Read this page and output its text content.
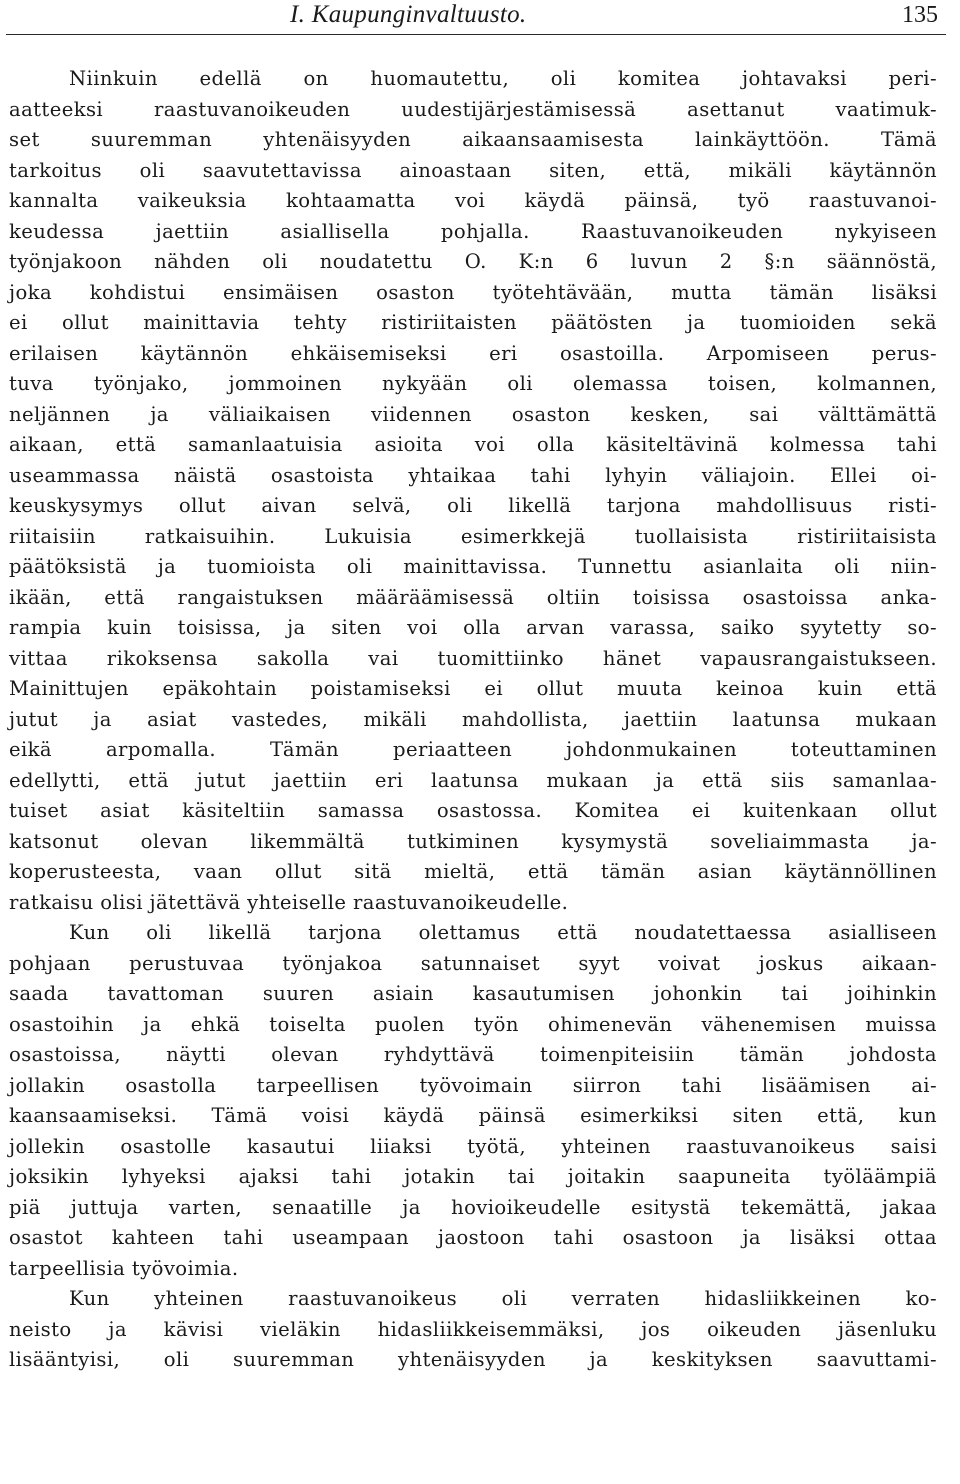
I. Kaupunginvaltuusto.	135
Niinkuin edellä on huomautettu, oli komitea johtavaksi peri-
aatteeksi raastuvanoikeuden uudestijärjestämisessä asettanut vaatimuk-
set suuremman yhtenäisyyden aikaansaamisesta lainkäyttöön. Tämä
tarkoitus oli saavutettavissa ainoastaan siten, että, mikäli käytännön
kannalta vaikeuksia kohtaamatta voi käydä päinsä, työ raastuvanoi-
keudessa jaettiin asiallisella pohjalla. Raastuvanoikeuden nykyiseen
työnjakoon nähden oli noudatettu O. K:n 6 luvun 2 §:n säännöstä,
joka kohdistui ensimäisen osaston työtehtävään, mutta tämän lisäksi
ei ollut mainittavia tehty ristiriitaisten päätösten ja tuomioiden sekä
erilaisen käytännön ehkäisemiseksi eri osastoilla. Arpomiseen perus-
tuva työnjako, jommoinen nykyään oli olemassa toisen, kolmannen,
neljännen ja väliaikaisen viidennen osaston kesken, sai välttämättä
aikaan, että samanlaatuisia asioita voi olla käsiteltävinä kolmessa tahi
useammassa näistä osastoista yhtaikaa tahi lyhyin väliajoin. Ellei oi-
keuskysymys ollut aivan selvä, oli likellä tarjona mahdollisuus risti-
riitaisiin ratkaisuihin. Lukuisia esimerkkejä tuollaisista ristiriitaisista
päätöksistä ja tuomioista oli mainittavissa. Tunnettu asianlaita oli niin-
ikään, että rangaistuksen määräämisessä oltiin toisissa osastoissa anka-
rampia kuin toisissa, ja siten voi olla arvan varassa, saiko syytetty so-
vittaa rikoksensa sakolla vai tuomittiinko hänet vapausrangaistukseen.
Mainittujen epäkohtain poistamiseksi ei ollut muuta keinoa kuin että
jutut ja asiat vastedes, mikäli mahdollista, jaettiin laatunsa mukaan
eikä arpomalla. Tämän periaatteen johdonmukainen toteuttaminen
edellytti, että jutut jaettiin eri laatunsa mukaan ja että siis samanlaa-
tuiset asiat käsiteltiin samassa osastossa. Komitea ei kuitenkaan ollut
katsonut olevan likemmältä tutkiminen kysymystä soveliaimmasta ja-
koperusteesta, vaan ollut sitä mieltä, että tämän asian käytännöllinen
ratkaisu olisi jätettävä yhteiselle raastuvanoikeudelle.
Kun oli likellä tarjona olettamus että noudatettaessa asialliseen
pohjaan perustuvaa työnjakoa satunnaiset syyt voivat joskus aikaan-
saada tavattoman suuren asiain kasautumisen johonkin tai joihinkin
osastoihin ja ehkä toiselta puolen työn ohimenevän vähenemisen muissa
osastoissa, näytti olevan ryhdyttävä toimenpiteisiin tämän johdosta
jollakin osastolla tarpeellisen työvoimain siirron tahi lisäämisen ai-
kaansaamiseksi. Tämä voisi käydä päinsä esimerkiksi siten että, kun
jollekin osastolle kasautui liiaksi työtä, yhteinen raastuvanoikeus saisi
joksikin lyhyeksi ajaksi tahi jotakin tai joitakin saapuneita työläämpiä
piä juttuja varten, senaatille ja hovioikeudelle esitystä tekemättä, jakaa
osastot kahteen tahi useampaan jaostoon tahi osastoon ja lisäksi ottaa
tarpeellisia työvoimia.
Kun yhteinen raastuvanoikeus oli verraten hidasliikkeinen ko-
neisto ja kävisi vieläkin hidasliikkeisemmäksi, jos oikeuden jäsenluku
lisääntyisi, oli suuremman yhtenäisyyden ja keskityksen saavuttami-
